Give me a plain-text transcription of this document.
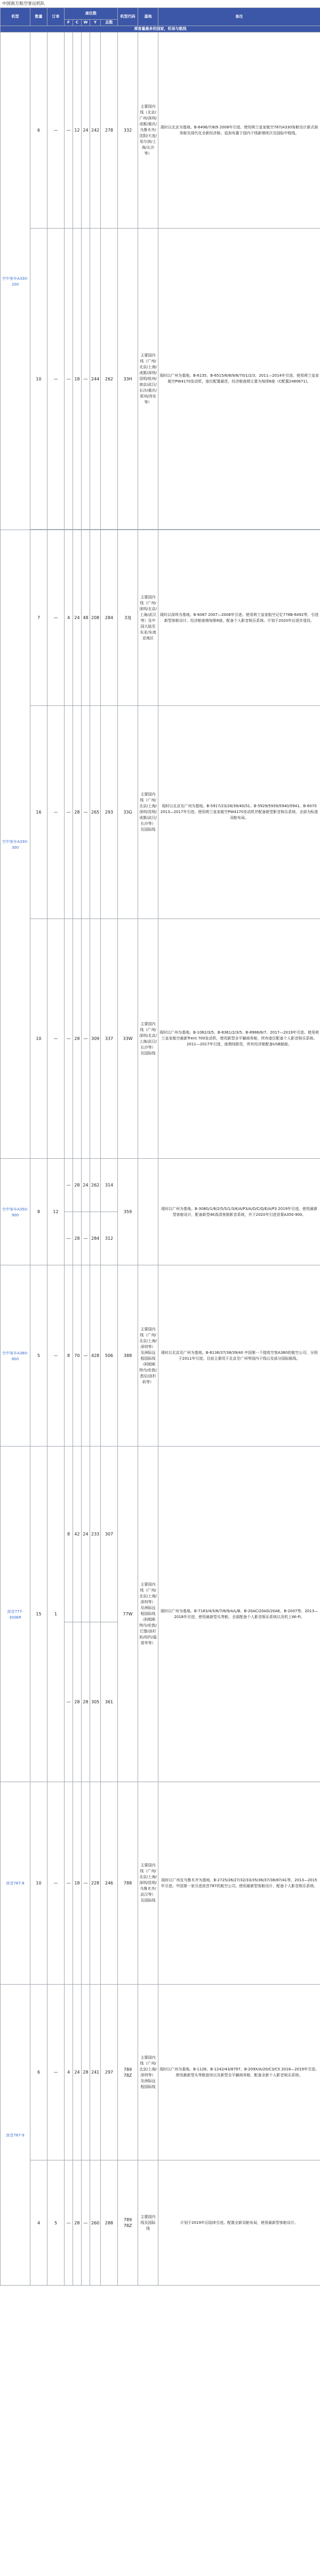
中国南方航空客运机队
机型	数量	订单	座位数					机型代码	基地	备注
			F	C	W	Y	总数			
乘客量最多的国家，机场与航线										
空中客车A330-200	6	—	—	12	24	242	278	332	主要国内线（北京/广州/深圳/成都/重庆/乌鲁木齐/沈阳/大连/哈尔滨/上海/长沙等）	现时以北京为基地。B-6496/7/8/9 2008年引进。使用荷兰皇家航空787/A330客舱设计新式商务舱及现代化全新经济舱。追加布置于国内干线新增班次及国际中程线。
	10	—	—	18	—	244	262	33H	主要国内线（广州/北京/上海/成都/深圳/昆明/杭州/南京/武汉/长沙/重庆/郑州/西安等）	现时以广州为基地。B-6135、B-6515/6/8/9/6/70/1/2/3，2011—2014年引进。使用荷兰皇家航空PW4170发动机，座位配置最佳，经济舱座椅主要为每排8座（C配置2480671)。

空中客车A330-300	7	—	4	24	48	208	284	33J	主要国内线（广州/深圳/北京/上海/武汉等）及中国大陆至东亚/东南亚地区	现时以深圳为基地。B-6087 2007—2008年引进。使用荷兰皇家航空记忆776B-6492等，引进新型客舱设计。经济舱座椅每排8座，配备个人影音娱乐系统。计划于2020年后逐步退役。
	16	—	—	28	—	265	293	33G	主要国内线（广州/北京/上海/深圳/昆明/成都/武汉/长沙等）及国际线	现时以北京及广州为基地。B-5917/23/28/39/40/51、B-5929/5939/5940/5941、B-6070 2013—2017年引进。使用荷兰皇家航空PW4170发动机并配备新型影音娱乐系统。全部为标准双舱布局。
	10	—	—	28	—	309	337	33W	主要国内线（广州/深圳/北京/上海/武汉/长沙等）及国际线	现时以广州为基地。B-1062/3/5、B-8361/2/3/5、B-8986/6/7。2017—2019年引进。使用荷兰皇家航空最新Trent 700发动机，使用新型全平躺商务舱，所有座位配备个人影音娱乐系统。2011—2017年引进，座椅间距佳，所有经济舱配备USB插座。
空中客车A350-900	8	12	—	28	24	262	314	359		现时以广州为基地。B-308G/1/8/2/5/5/1/3/K/A/P3/A/O/C/Q/E/A/P3 2019年引进。使用最新型客舱设计，配备新型4K高清客舱影音系统，并于2020年引进首架A350-900。
			—	28	—	284	312			
空中客车A380-800	5	—	8	70	—	428	506	388	主要国内线（广州/北京/上海/深圳等）及洲际远程国际线（阿姆斯特丹/伦敦/悉尼/洛杉矶等）	现时以北京及广州为基地。B-6136/37/38/39/40 中国第一个接收空客A380的航空公司，分别于2011年引进。目前主要用于北京至广州等国内干线以及部分国际航线。
波音777-300ER	15	1	8	42	24	233	307	77W	主要国内线（广州/北京/上海/深圳等）及洲际远程国际线（阿姆斯特丹/伦敦/巴黎/洛杉矶/纽约/温哥华等）	现时以广州为基地。B-7183/4/5/6/7/8/9/A/L/B、B-20AC/20AD/20AE、B-2007等。2013—2018年引进。使用最新型头等舱，全部配备个人影音娱乐系统以及机上Wi-Fi。
			—	28	28	305	361			
波音787-8	10	—	—	18	—	228	246	788	主要国内线（广州/北京/上海/深圳/昆明/乌鲁木齐/武汉等）及国际线	现时以广州及乌鲁木齐为基地。B-2725/26/27/32/33/35/36/37/38/87/41等。2013—2015年引进。中国第一家引进波音787的航空公司。使用最新型客舱设计，配备个人影音娱乐系统。
波音787-9	6	—	4	24	28	241	297	789 78Z	主要国内线（广州/北京/上海/深圳等）及洲际远程国际线	现时以广州为基地。B-1126、B-1242/43/8797、B-209X/A/20/C3/C5 2018—2019年引进。使用最新型头等舱套房以及新型全平躺商务舱，配备全新个人影音娱乐系统。
	4	5	—	28	—	260	288	789 78Z	主要国内线及国际线	计划于2019年后陆续引进。配置全新双舱布局，使用最新型客舱设计。
